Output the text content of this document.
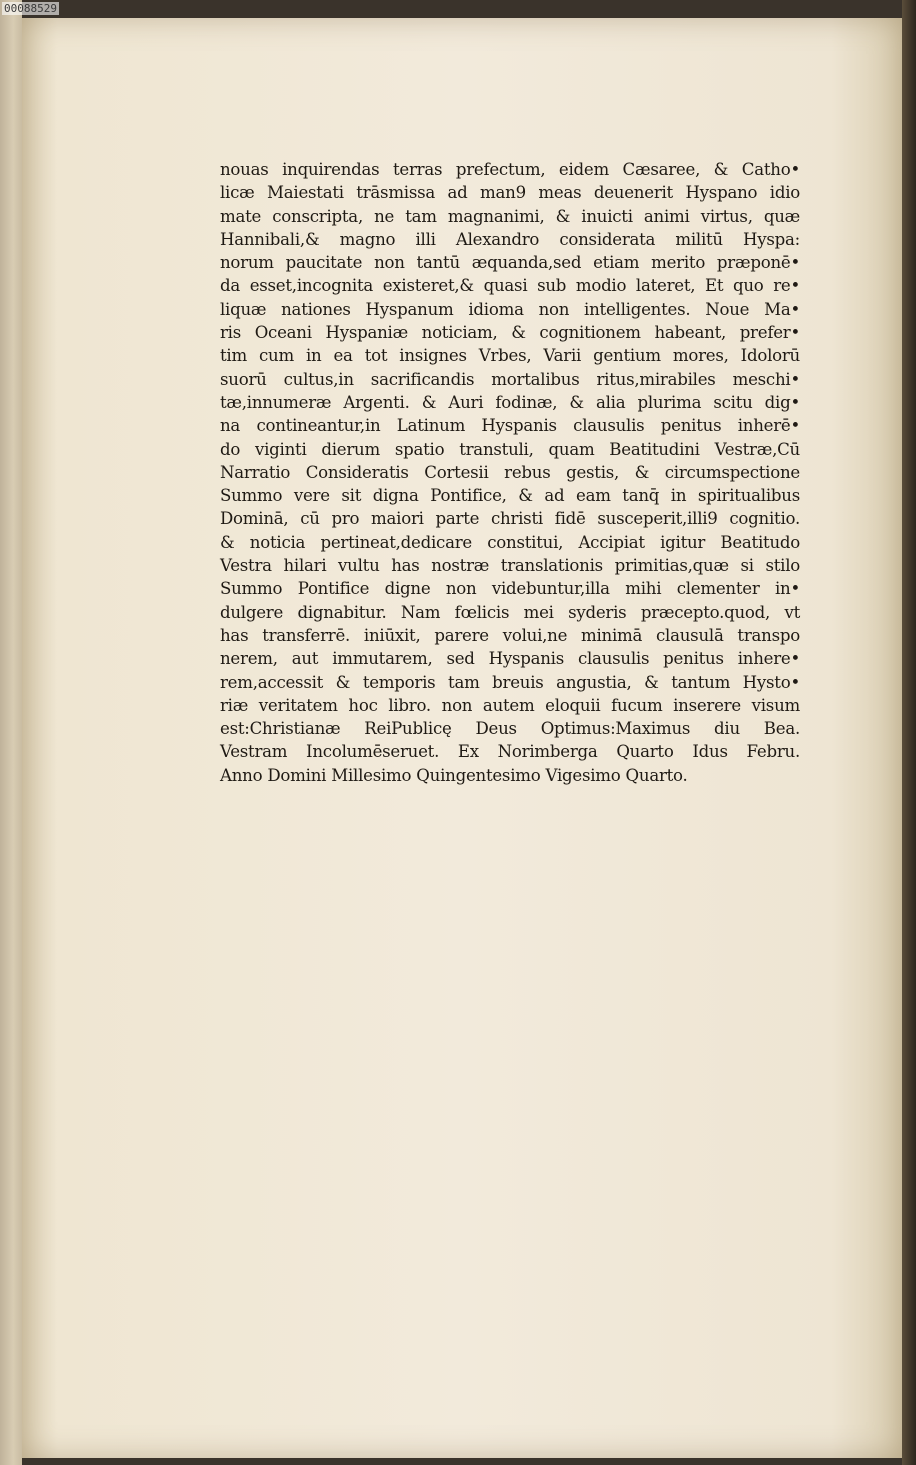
00088529
nouas inquirendas terras prefectum, eidem Cæsaree, & Catho•
licæ Maiestati trāsmissa ad man9 meas deuenerit Hyspano idio
mate conscripta, ne tam magnanimi, & inuicti animi virtus, quæ
Hannibali,& magno illi Alexandro considerata militū Hyspa:
norum paucitate non tantū æquanda,sed etiam merito præponē•
da esset,incognita existeret,& quasi sub modio lateret, Et quo re•
liquæ nationes Hyspanum idioma non intelligentes. Noue Ma•
ris Oceani Hyspaniæ noticiam, & cognitionem habeant, prefer•
tim cum in ea tot insignes Vrbes, Varii gentium mores, Idolorū
suorū cultus,in sacrificandis mortalibus ritus,mirabiles meschi•
tæ,innumeræ Argenti. & Auri fodinæ, & alia plurima scitu dig•
na contineantur,in Latinum Hyspanis clausulis penitus inherē•
do viginti dierum spatio transtuli, quam Beatitudini Vestræ,Cū
Narratio Consideratis Cortesii rebus gestis, & circumspectione
Summo vere sit digna Pontifice, & ad eam tanq̄ in spiritualibus
Dominā, cū pro maiori parte christi fidē susceperit,illi9 cognitio.
& noticia pertineat,dedicare constitui, Accipiat igitur Beatitudo
Vestra hilari vultu has nostræ translationis primitias,quæ si stilo
Summo Pontifice digne non videbuntur,illa mihi clementer in•
dulgere dignabitur. Nam fœlicis mei syderis præcepto.quod, vt
has transferrē. iniūxit, parere volui,ne minimā clausulā transpo
nerem, aut immutarem, sed Hyspanis clausulis penitus inhere•
rem,accessit & temporis tam breuis angustia, & tantum Hysto•
riæ veritatem hoc libro. non autem eloquii fucum inserere visum
est:Christianæ ReiPublicę Deus Optimus:Maximus diu Bea.
Vestram Incolumēseruet. Ex Norimberga Quarto Idus Febru.
Anno Domini Millesimo Quingentesimo Vigesimo Quarto.
